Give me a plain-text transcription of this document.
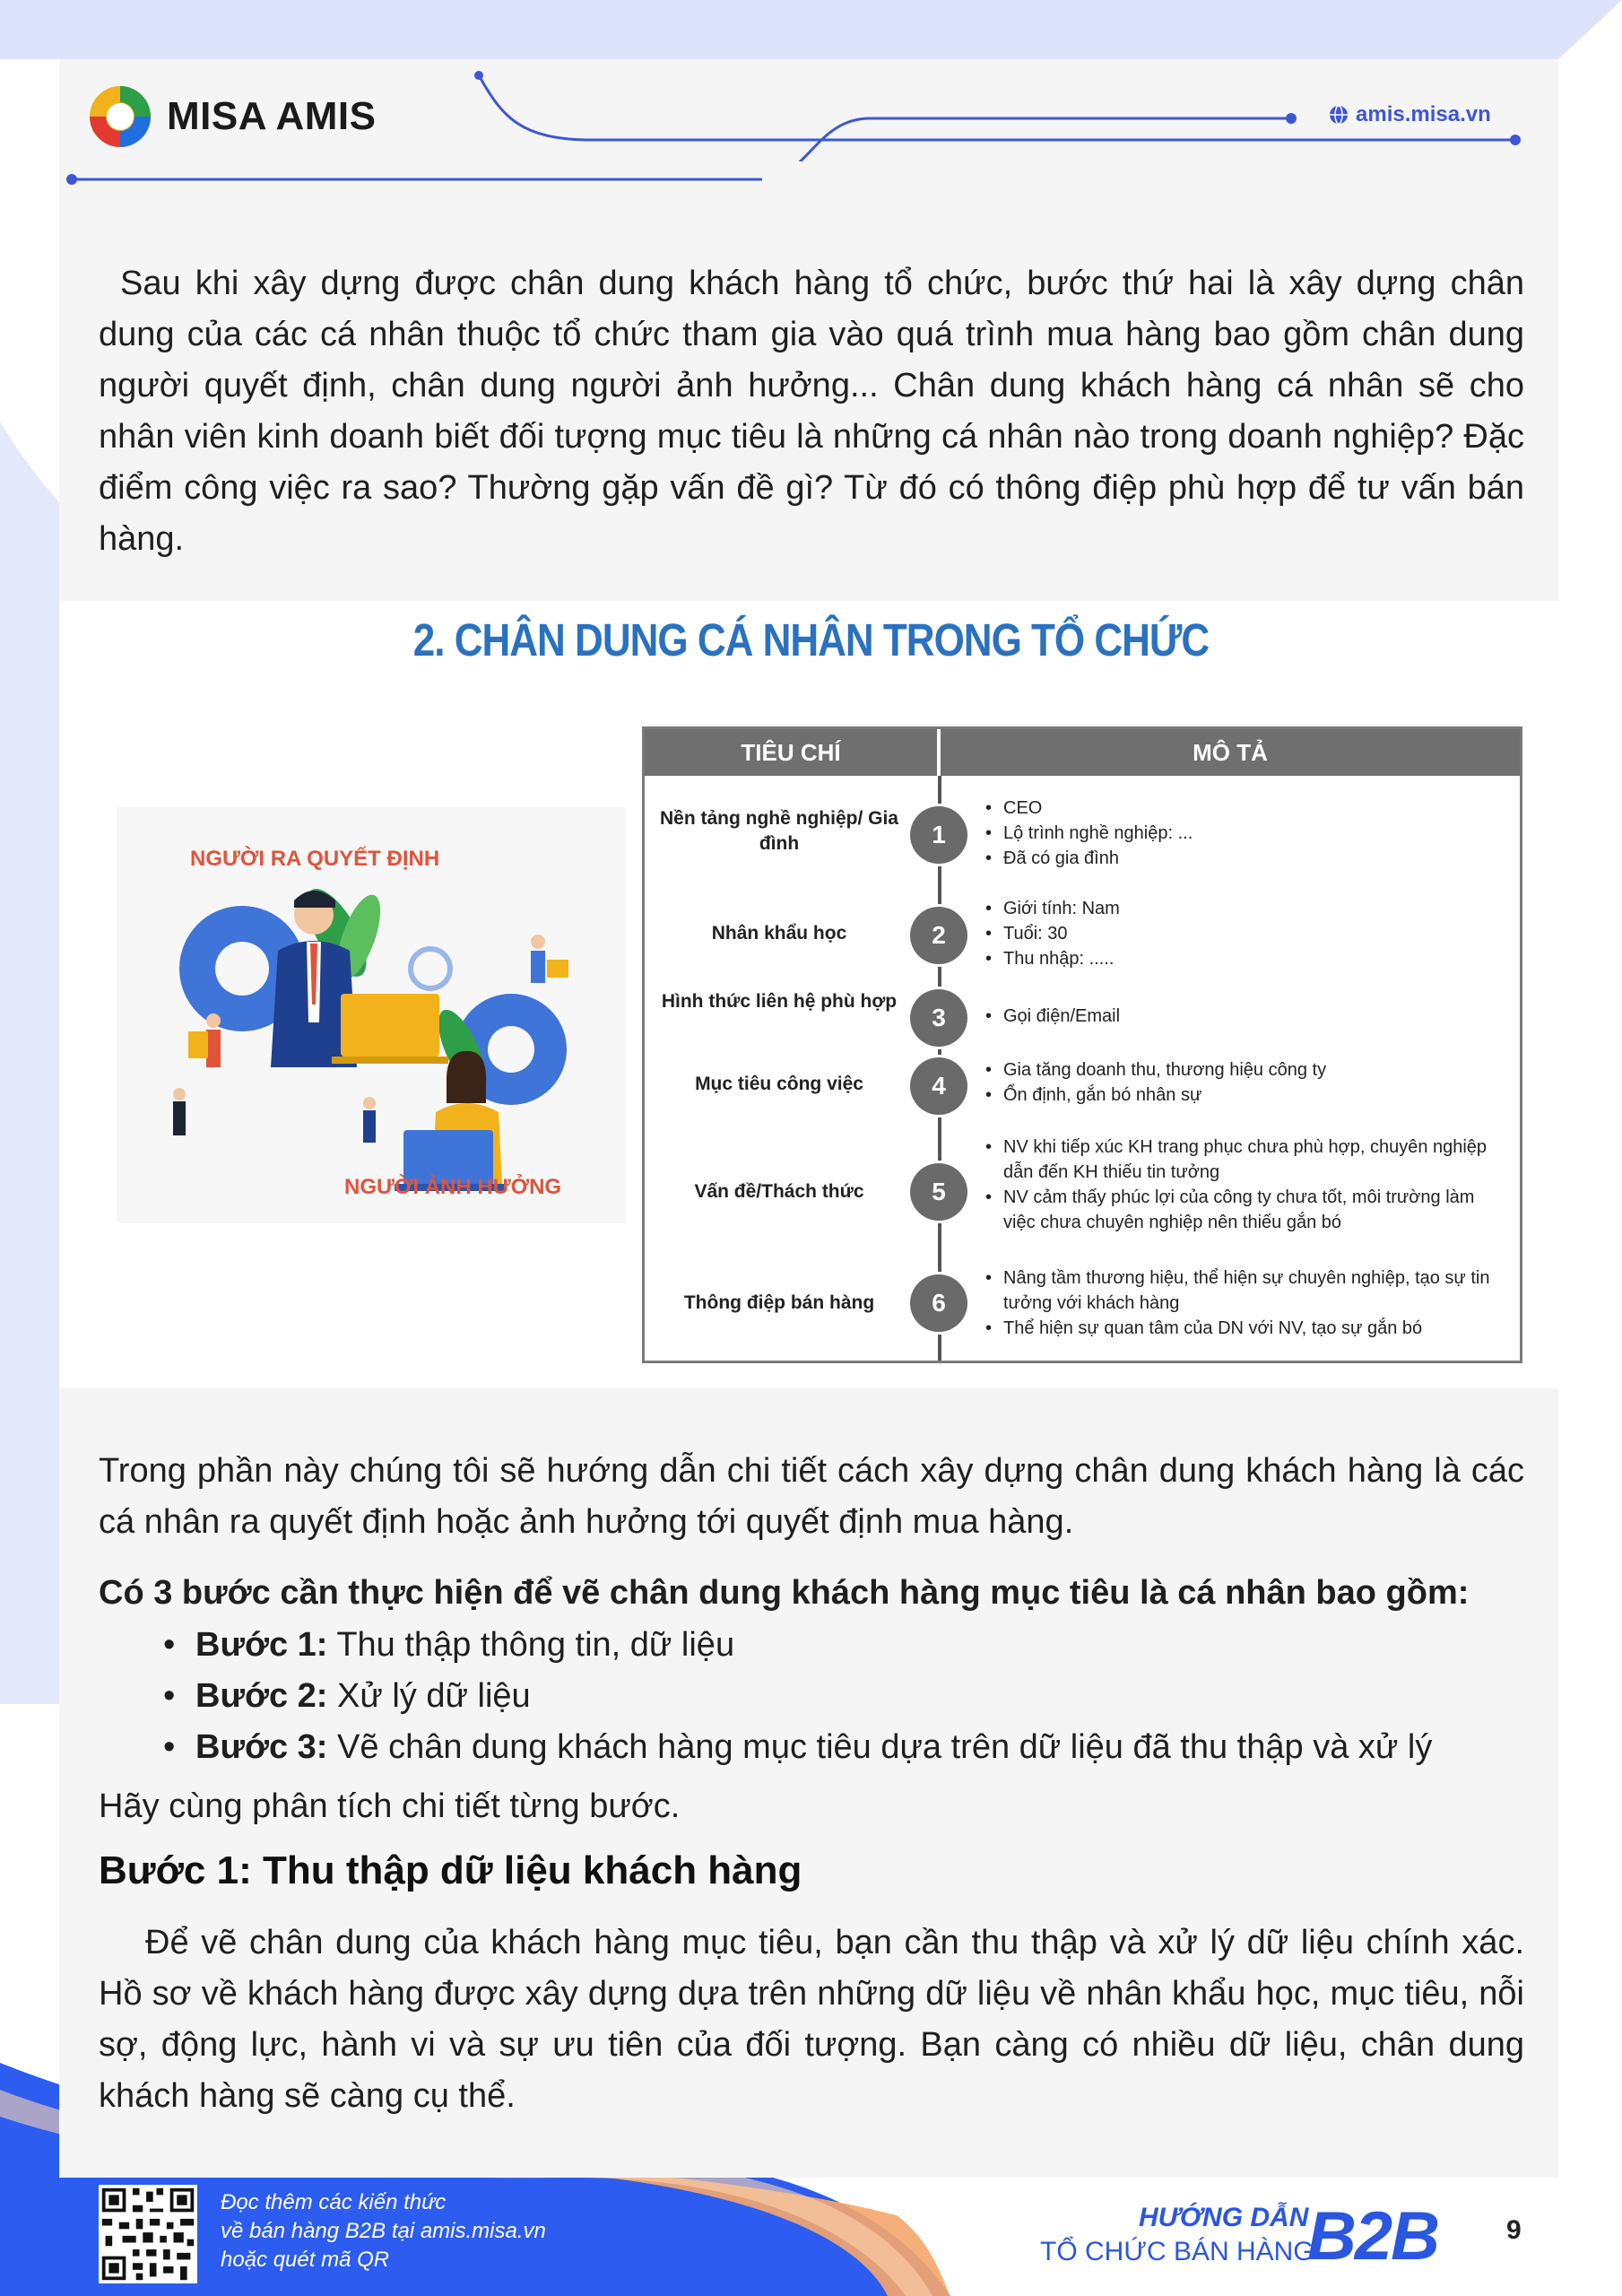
MISA AMIS	amis.misa.vn

Sau khi xây dựng được chân dung khách hàng tổ chức, bước thứ hai là xây dựng chân dung của các cá nhân thuộc tổ chức tham gia vào quá trình mua hàng bao gồm chân dung người quyết định, chân dung người ảnh hưởng... Chân dung khách hàng cá nhân sẽ cho nhân viên kinh doanh biết đối tượng mục tiêu là những cá nhân nào trong doanh nghiệp? Đặc điểm công việc ra sao? Thường gặp vấn đề gì? Từ đó có thông điệp phù hợp để tư vấn bán hàng.

2. CHÂN DUNG CÁ NHÂN TRONG TỔ CHỨC
NGƯỜI RA QUYẾT ĐỊNH
NGƯỜI ẢNH HƯỞNG
TIÊU CHÍ	MÔ TẢ
Nền tảng nghề nghiệp/ Gia đình	1
• CEO
• Lộ trình nghề nghiệp: ...
• Đã có gia đình
Nhân khẩu học	2
• Giới tính: Nam
• Tuổi: 30
• Thu nhập: .....
Hình thức liên hệ phù hợp
3	• Gọi điện/Email
Mục tiêu công việc	4
• Gia tăng doanh thu, thương hiệu công ty
• Ổn định, gắn bó nhân sự
Vấn đề/Thách thức	5
• NV khi tiếp xúc KH trang phục chưa phù hợp, chuyên nghiệp dẫn đến KH thiếu tin tưởng
• NV cảm thấy phúc lợi của công ty chưa tốt, môi trường làm việc chưa chuyên nghiệp nên thiếu gắn bó
Thông điệp bán hàng	6
• Nâng tầm thương hiệu, thể hiện sự chuyên nghiệp, tạo sự tin tưởng với khách hàng
• Thể hiện sự quan tâm của DN với NV, tạo sự gắn bó

Trong phần này chúng tôi sẽ hướng dẫn chi tiết cách xây dựng chân dung khách hàng là các cá nhân ra quyết định hoặc ảnh hưởng tới quyết định mua hàng.

Có 3 bước cần thực hiện để vẽ chân dung khách hàng mục tiêu là cá nhân bao gồm:

• Bước 1: Thu thập thông tin, dữ liệu
• Bước 2: Xử lý dữ liệu
• Bước 3: Vẽ chân dung khách hàng mục tiêu dựa trên dữ liệu đã thu thập và xử lý

Hãy cùng phân tích chi tiết từng bước.

Bước 1: Thu thập dữ liệu khách hàng

Để vẽ chân dung của khách hàng mục tiêu, bạn cần thu thập và xử lý dữ liệu chính xác. Hồ sơ về khách hàng được xây dựng dựa trên những dữ liệu về nhân khẩu học, mục tiêu, nỗi sợ, động lực, hành vi và sự ưu tiên của đối tượng. Bạn càng có nhiều dữ liệu, chân dung khách hàng sẽ càng cụ thể.

Đọc thêm các kiến thức
về bán hàng B2B tại amis.misa.vn
hoặc quét mã QR
HƯỚNG DẪN
TỔ CHỨC BÁN HÀNG
B2B	9
